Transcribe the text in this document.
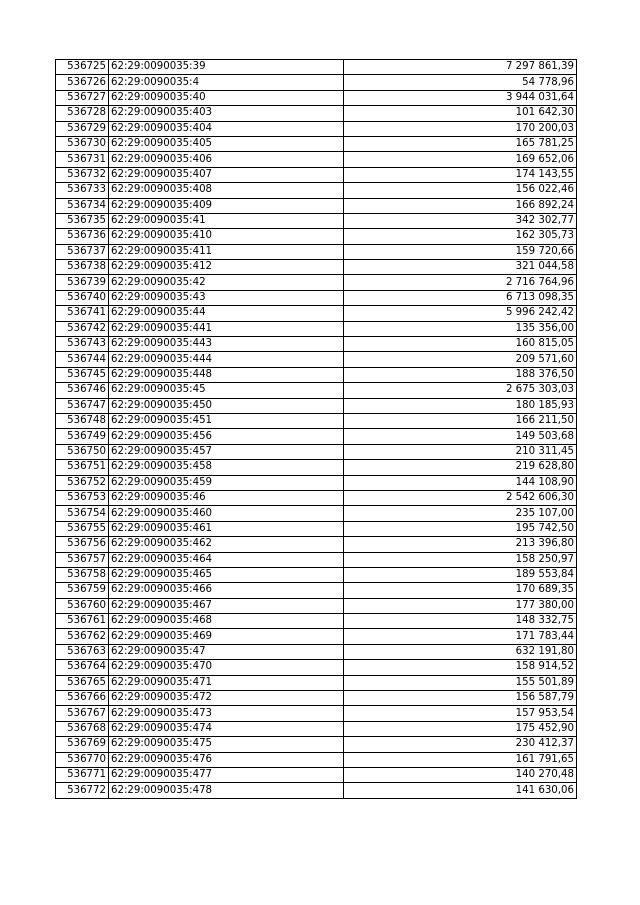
536725	62:29:0090035:39	7 297 861,39
536726	62:29:0090035:4	54 778,96
536727	62:29:0090035:40	3 944 031,64
536728	62:29:0090035:403	101 642,30
536729	62:29:0090035:404	170 200,03
536730	62:29:0090035:405	165 781,25
536731	62:29:0090035:406	169 652,06
536732	62:29:0090035:407	174 143,55
536733	62:29:0090035:408	156 022,46
536734	62:29:0090035:409	166 892,24
536735	62:29:0090035:41	342 302,77
536736	62:29:0090035:410	162 305,73
536737	62:29:0090035:411	159 720,66
536738	62:29:0090035:412	321 044,58
536739	62:29:0090035:42	2 716 764,96
536740	62:29:0090035:43	6 713 098,35
536741	62:29:0090035:44	5 996 242,42
536742	62:29:0090035:441	135 356,00
536743	62:29:0090035:443	160 815,05
536744	62:29:0090035:444	209 571,60
536745	62:29:0090035:448	188 376,50
536746	62:29:0090035:45	2 675 303,03
536747	62:29:0090035:450	180 185,93
536748	62:29:0090035:451	166 211,50
536749	62:29:0090035:456	149 503,68
536750	62:29:0090035:457	210 311,45
536751	62:29:0090035:458	219 628,80
536752	62:29:0090035:459	144 108,90
536753	62:29:0090035:46	2 542 606,30
536754	62:29:0090035:460	235 107,00
536755	62:29:0090035:461	195 742,50
536756	62:29:0090035:462	213 396,80
536757	62:29:0090035:464	158 250,97
536758	62:29:0090035:465	189 553,84
536759	62:29:0090035:466	170 689,35
536760	62:29:0090035:467	177 380,00
536761	62:29:0090035:468	148 332,75
536762	62:29:0090035:469	171 783,44
536763	62:29:0090035:47	632 191,80
536764	62:29:0090035:470	158 914,52
536765	62:29:0090035:471	155 501,89
536766	62:29:0090035:472	156 587,79
536767	62:29:0090035:473	157 953,54
536768	62:29:0090035:474	175 452,90
536769	62:29:0090035:475	230 412,37
536770	62:29:0090035:476	161 791,65
536771	62:29:0090035:477	140 270,48
536772	62:29:0090035:478	141 630,06
